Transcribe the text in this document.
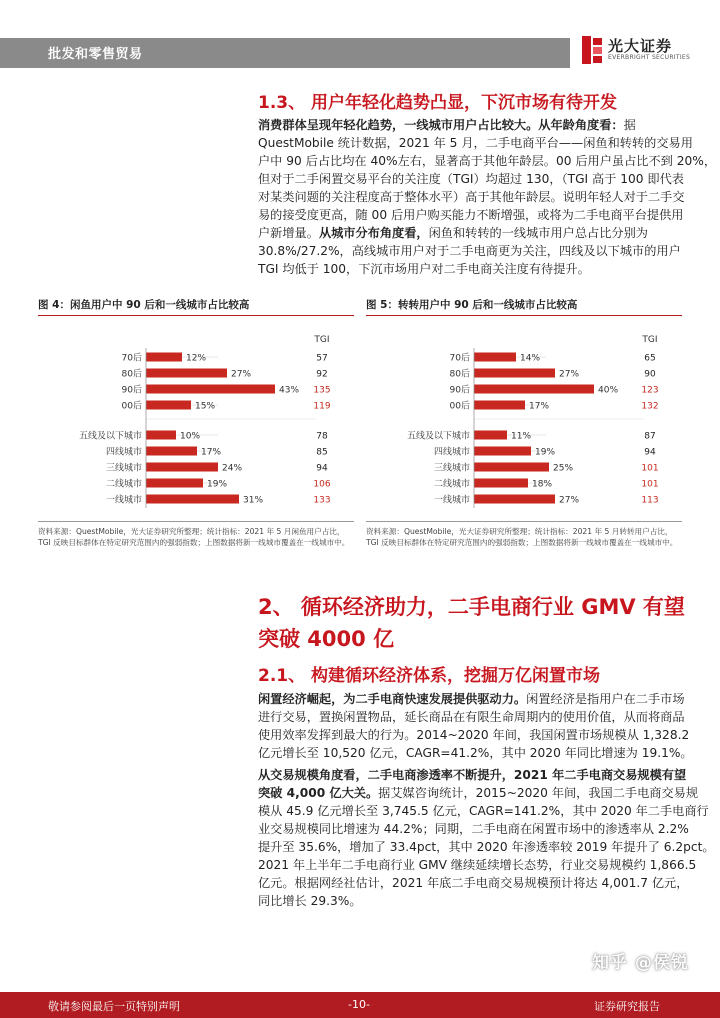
批发和零售贸易	光大证券
EVERBRIGHT SECURITIES
1.3、 用户年轻化趋势凸显，下沉市场有待开发
消费群体呈现年轻化趋势，一线城市用户占比较大。从年龄角度看：据
QuestMobile 统计数据，2021 年 5 月，二手电商平台——闲鱼和转转的交易用
户中 90 后占比均在 40%左右，显著高于其他年龄层。00 后用户虽占比不到 20%，
但对于二手闲置交易平台的关注度（TGI）均超过 130，（TGI 高于 100 即代表
对某类问题的关注程度高于整体水平）高于其他年龄层。说明年轻人对于二手交
易的接受度更高，随 00 后用户购买能力不断增强，或将为二手电商平台提供用
户新增量。从城市分布角度看，闲鱼和转转的一线城市用户总占比分别为
30.8%/27.2%，高线城市用户对于二手电商更为关注，四线及以下城市的用户
TGI 均低于 100，下沉市场用户对二手电商关注度有待提升。
图 4：闲鱼用户中 90 后和一线城市占比较高
TGI
70后	12%	57
80后	27%	92
90后	43% 135
00后	15%	119
五线及以下城市	10%	78
四线城市	17%	85
三线城市	24%	94
二线城市	19%	106
一线城市	31%	133
资料来源：QuestMobile，光大证券研究所整理；统计指标：2021 年 5 月闲鱼用户占比，TGI 反映目标群体在特定研究范围内的强弱指数；上图数据将新一线城市覆盖在一线城市中。
图 5：转转用户中 90 后和一线城市占比较高
TGI
70后	14%	65
80后	27%	90
90后	40%	123
00后	17%	132
五线及以下城市	11%	87
四线城市	19%	94
三线城市	25%	101
二线城市	18%	101
一线城市	27%	113
资料来源：QuestMobile，光大证券研究所整理；统计指标：2021 年 5 月转转用户占比，TGI 反映目标群体在特定研究范围内的强弱指数；上图数据将新一线城市覆盖在一线城市中。
2、 循环经济助力，二手电商行业 GMV 有望
突破 4000 亿
2.1、 构建循环经济体系，挖掘万亿闲置市场
闲置经济崛起，为二手电商快速发展提供驱动力。闲置经济是指用户在二手市场
进行交易，置换闲置物品，延长商品在有限生命周期内的使用价值，从而将商品
使用效率发挥到最大的行为。2014~2020 年间，我国闲置市场规模从 1,328.2
亿元增长至 10,520 亿元，CAGR=41.2%，其中 2020 年同比增速为 19.1%。
从交易规模角度看，二手电商渗透率不断提升，2021 年二手电商交易规模有望
突破 4,000 亿大关。据艾媒咨询统计，2015~2020 年间，我国二手电商交易规
模从 45.9 亿元增长至 3,745.5 亿元，CAGR=141.2%，其中 2020 年二手电商行
业交易规模同比增速为 44.2%；同期，二手电商在闲置市场中的渗透率从 2.2%
提升至 35.6%，增加了 33.4pct，其中 2020 年渗透率较 2019 年提升了 6.2pct。
2021 年上半年二手电商行业 GMV 继续延续增长态势，行业交易规模约 1,866.5
亿元。根据网经社估计，2021 年底二手电商交易规模预计将达 4,001.7 亿元，
同比增长 29.3%。
知乎 @侯锐
敬请参阅最后一页特别声明	-10-	证券研究报告
